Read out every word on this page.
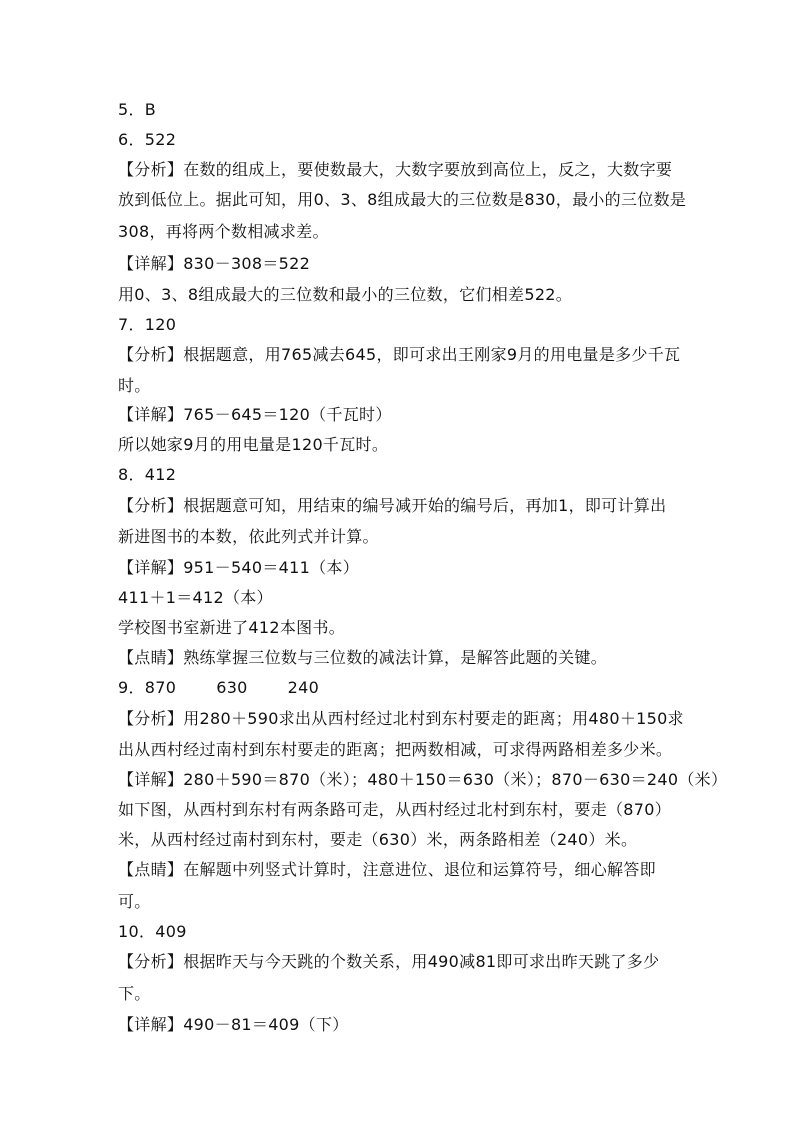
5．B
6．522
【分析】在数的组成上，要使数最大，大数字要放到高位上，反之，大数字要
放到低位上。据此可知，用0、3、8组成最大的三位数是830，最小的三位数是
308，再将两个数相减求差。
【详解】830－308＝522
用0、3、8组成最大的三位数和最小的三位数，它们相差522。
7．120
【分析】根据题意，用765减去645，即可求出王刚家9月的用电量是多少千瓦
时。
【详解】765－645＝120（千瓦时）
所以她家9月的用电量是120千瓦时。
8．412
【分析】根据题意可知，用结束的编号减开始的编号后，再加1，即可计算出
新进图书的本数，依此列式并计算。
【详解】951－540＝411（本）
411＋1＝412（本）
学校图书室新进了412本图书。
【点睛】熟练掌握三位数与三位数的减法计算，是解答此题的关键。
9．870	630	240
【分析】用280＋590求出从西村经过北村到东村要走的距离；用480＋150求
出从西村经过南村到东村要走的距离；把两数相减，可求得两路相差多少米。
【详解】280＋590＝870（米）；480＋150＝630（米）；870－630＝240（米）
如下图，从西村到东村有两条路可走，从西村经过北村到东村，要走（870）
米，从西村经过南村到东村，要走（630）米，两条路相差（240）米。
【点睛】在解题中列竖式计算时，注意进位、退位和运算符号，细心解答即
可。
10．409
【分析】根据昨天与今天跳的个数关系，用490减81即可求出昨天跳了多少
下。
【详解】490－81＝409（下）
